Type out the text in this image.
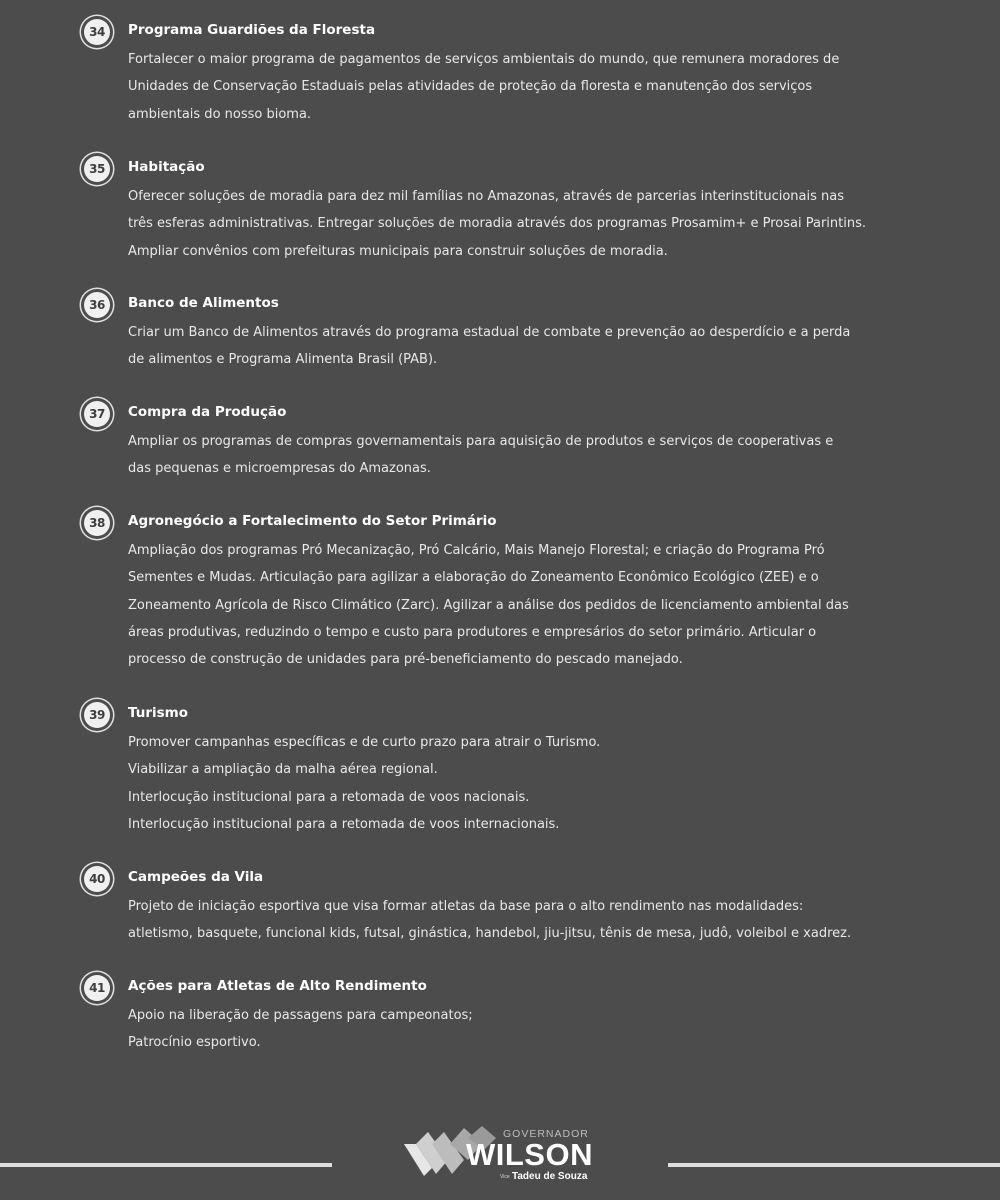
34	Programa Guardiões da Floresta
Fortalecer o maior programa de pagamentos de serviços ambientais do mundo, que remunera moradores de
Unidades de Conservação Estaduais pelas atividades de proteção da floresta e manutenção dos serviços
ambientais do nosso bioma.
35	Habitação
Oferecer soluções de moradia para dez mil famílias no Amazonas, através de parcerias interinstitucionais nas
três esferas administrativas. Entregar soluções de moradia através dos programas Prosamim+ e Prosai Parintins.
Ampliar convênios com prefeituras municipais para construir soluções de moradia.
36	Banco de Alimentos
Criar um Banco de Alimentos através do programa estadual de combate e prevenção ao desperdício e a perda
de alimentos e Programa Alimenta Brasil (PAB).
37	Compra da Produção
Ampliar os programas de compras governamentais para aquisição de produtos e serviços de cooperativas e
das pequenas e microempresas do Amazonas.
38	Agronegócio a Fortalecimento do Setor Primário
Ampliação dos programas Pró Mecanização, Pró Calcário, Mais Manejo Florestal; e criação do Programa Pró
Sementes e Mudas. Articulação para agilizar a elaboração do Zoneamento Econômico Ecológico (ZEE) e o
Zoneamento Agrícola de Risco Climático (Zarc). Agilizar a análise dos pedidos de licenciamento ambiental das
áreas produtivas, reduzindo o tempo e custo para produtores e empresários do setor primário. Articular o
processo de construção de unidades para pré-beneficiamento do pescado manejado.
39	Turismo
Promover campanhas específicas e de curto prazo para atrair o Turismo.
Viabilizar a ampliação da malha aérea regional.
Interlocução institucional para a retomada de voos nacionais.
Interlocução institucional para a retomada de voos internacionais.
40	Campeões da Vila
Projeto de iniciação esportiva que visa formar atletas da base para o alto rendimento nas modalidades:
atletismo, basquete, funcional kids, futsal, ginástica, handebol, jiu-jitsu, tênis de mesa, judô, voleibol e xadrez.
41	Ações para Atletas de Alto Rendimento
Apoio na liberação de passagens para campeonatos;
Patrocínio esportivo.
GOVERNADOR
WILSON
Vice Tadeu de Souza
